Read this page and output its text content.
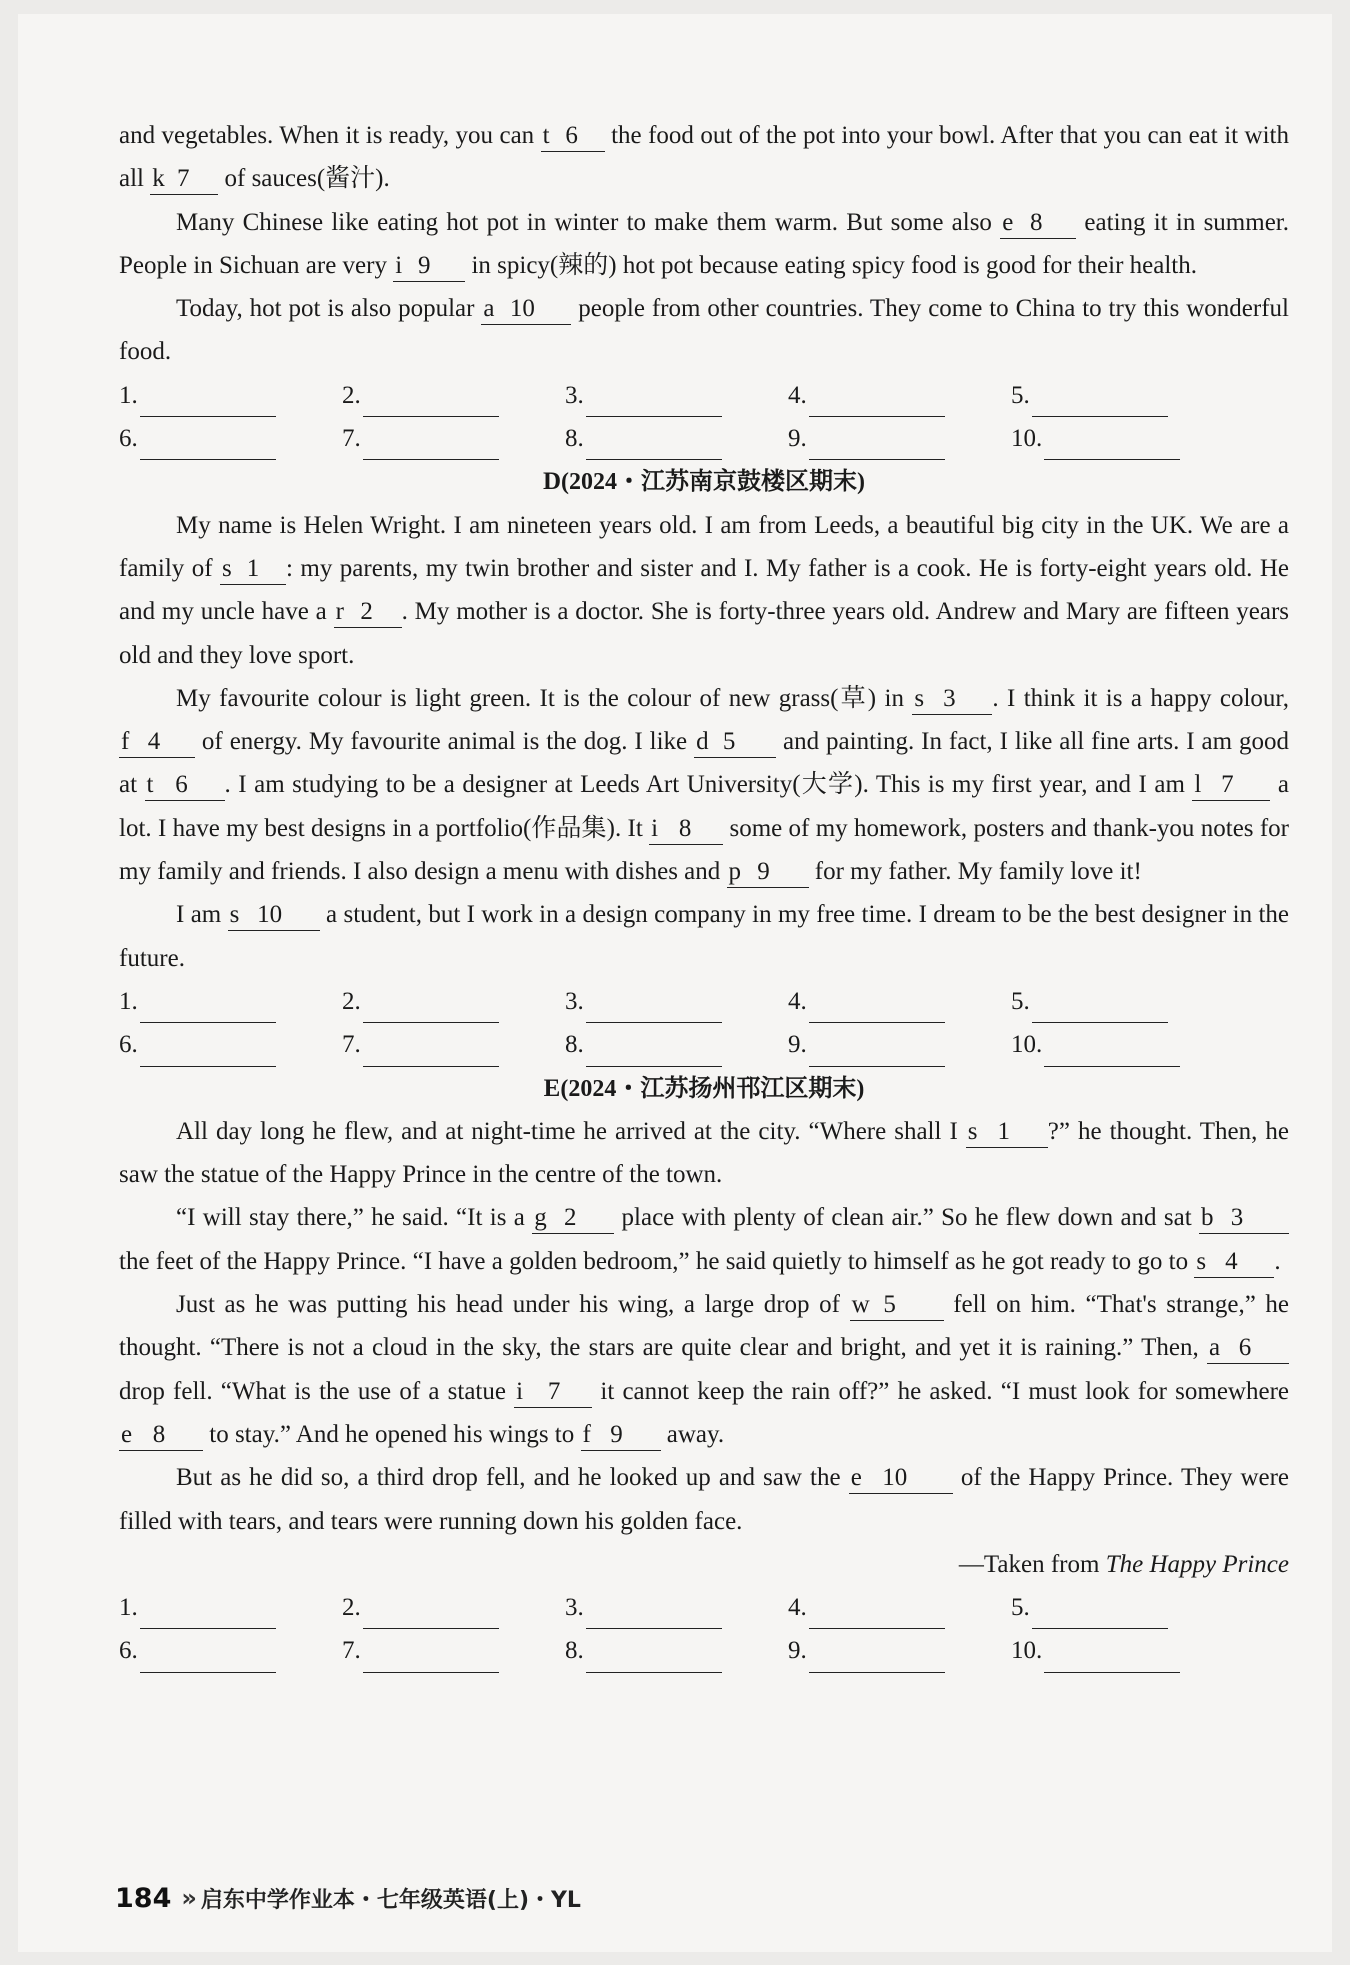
and vegetables. When it is ready, you can t 6 the food out of the pot into your bowl. After that you can eat it with all k 7 of sauces(酱汁).

Many Chinese like eating hot pot in winter to make them warm. But some also e 8 eating it in summer. People in Sichuan are very i 9 in spicy(辣的) hot pot because eating spicy food is good for their health.

Today, hot pot is also popular a 10 people from other countries. They come to China to try this wonderful food.

1.	2.	3.	4.	5.
6.	7.	8.	9.	10.
D(2024・江苏南京鼓楼区期末)

My name is Helen Wright. I am nineteen years old. I am from Leeds, a beautiful big city in the UK. We are a family of s 1 : my parents, my twin brother and sister and I. My father is a cook. He is forty-eight years old. He and my uncle have a r 2 . My mother is a doctor. She is forty-three years old. Andrew and Mary are fifteen years old and they love sport.

My favourite colour is light green. It is the colour of new grass(草) in s 3 . I think it is a happy colour, f 4 of energy. My favourite animal is the dog. I like d 5 and painting. In fact, I like all fine arts. I am good at t 6 . I am studying to be a designer at Leeds Art University(大学). This is my first year, and I am l 7 a lot. I have my best designs in a portfolio(作品集). It i 8 some of my homework, posters and thank-you notes for my family and friends. I also design a menu with dishes and p 9 for my father. My family love it!

I am s 10 a student, but I work in a design company in my free time. I dream to be the best designer in the future.

1.	2.	3.	4.	5.
6.	7.	8.	9.	10.
E(2024・江苏扬州邗江区期末)

All day long he flew, and at night-time he arrived at the city. “Where shall I s 1 ?” he thought. Then, he saw the statue of the Happy Prince in the centre of the town.

“I will stay there,” he said. “It is a g 2 place with plenty of clean air.” So he flew down and sat b 3 the feet of the Happy Prince. “I have a golden bedroom,” he said quietly to himself as he got ready to go to s 4 .

Just as he was putting his head under his wing, a large drop of w 5 fell on him. “That's strange,” he thought. “There is not a cloud in the sky, the stars are quite clear and bright, and yet it is raining.” Then, a 6 drop fell. “What is the use of a statue i 7 it cannot keep the rain off?” he asked. “I must look for somewhere e 8 to stay.” And he opened his wings to f 9 away.

But as he did so, a third drop fell, and he looked up and saw the e 10 of the Happy Prince. They were filled with tears, and tears were running down his golden face.

—Taken from The Happy Prince

1.	2.	3.	4.	5.
6.	7.	8.	9.	10.
184 » 启东中学作业本・七年级英语(上)・YL
